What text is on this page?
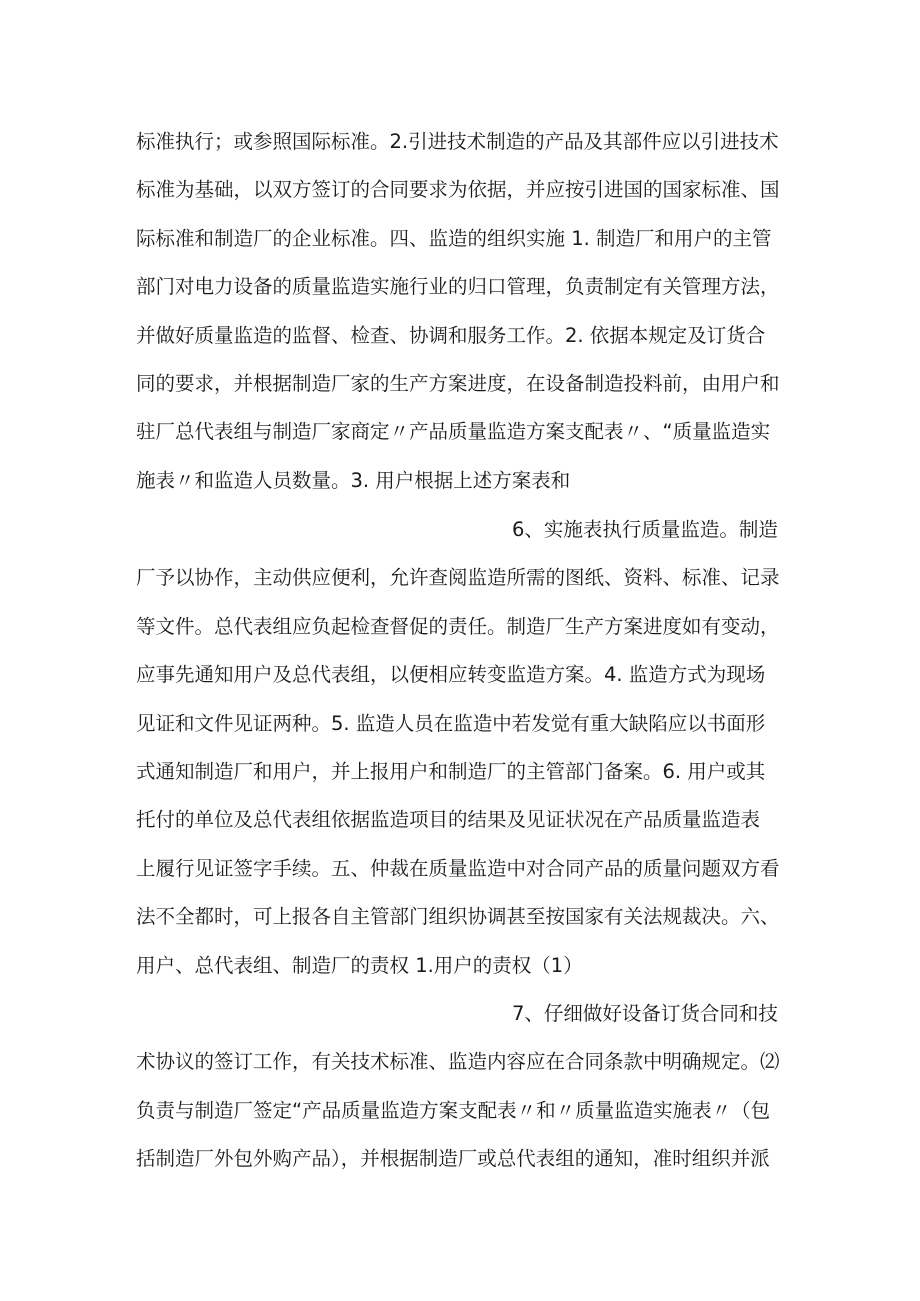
标准执行；或参照国际标准。2.引进技术制造的产品及其部件应以引进技术
标准为基础，以双方签订的合同要求为依据，并应按引进国的国家标准、国
际标准和制造厂的企业标准。四、监造的组织实施 1. 制造厂和用户的主管
部门对电力设备的质量监造实施行业的归口管理，负责制定有关管理方法，
并做好质量监造的监督、检查、协调和服务工作。2. 依据本规定及订货合
同的要求，并根据制造厂家的生产方案进度，在设备制造投料前，由用户和
驻厂总代表组与制造厂家商定〃产品质量监造方案支配表〃、“质量监造实
施表〃和监造人员数量。3. 用户根据上述方案表和
6、实施表执行质量监造。制造
厂予以协作，主动供应便利，允许查阅监造所需的图纸、资料、标准、记录
等文件。总代表组应负起检查督促的责任。制造厂生产方案进度如有变动，
应事先通知用户及总代表组，以便相应转变监造方案。4. 监造方式为现场
见证和文件见证两种。5. 监造人员在监造中若发觉有重大缺陷应以书面形
式通知制造厂和用户，并上报用户和制造厂的主管部门备案。6. 用户或其
托付的单位及总代表组依据监造项目的结果及见证状况在产品质量监造表
上履行见证签字手续。五、仲裁在质量监造中对合同产品的质量问题双方看
法不全都时，可上报各自主管部门组织协调甚至按国家有关法规裁决。六、
用户、总代表组、制造厂的责权 1.用户的责权（1）
7、仔细做好设备订货合同和技
术协议的签订工作，有关技术标准、监造内容应在合同条款中明确规定。⑵
负责与制造厂签定“产品质量监造方案支配表〃和〃质量监造实施表〃（包
括制造厂外包外购产品），并根据制造厂或总代表组的通知，准时组织并派
